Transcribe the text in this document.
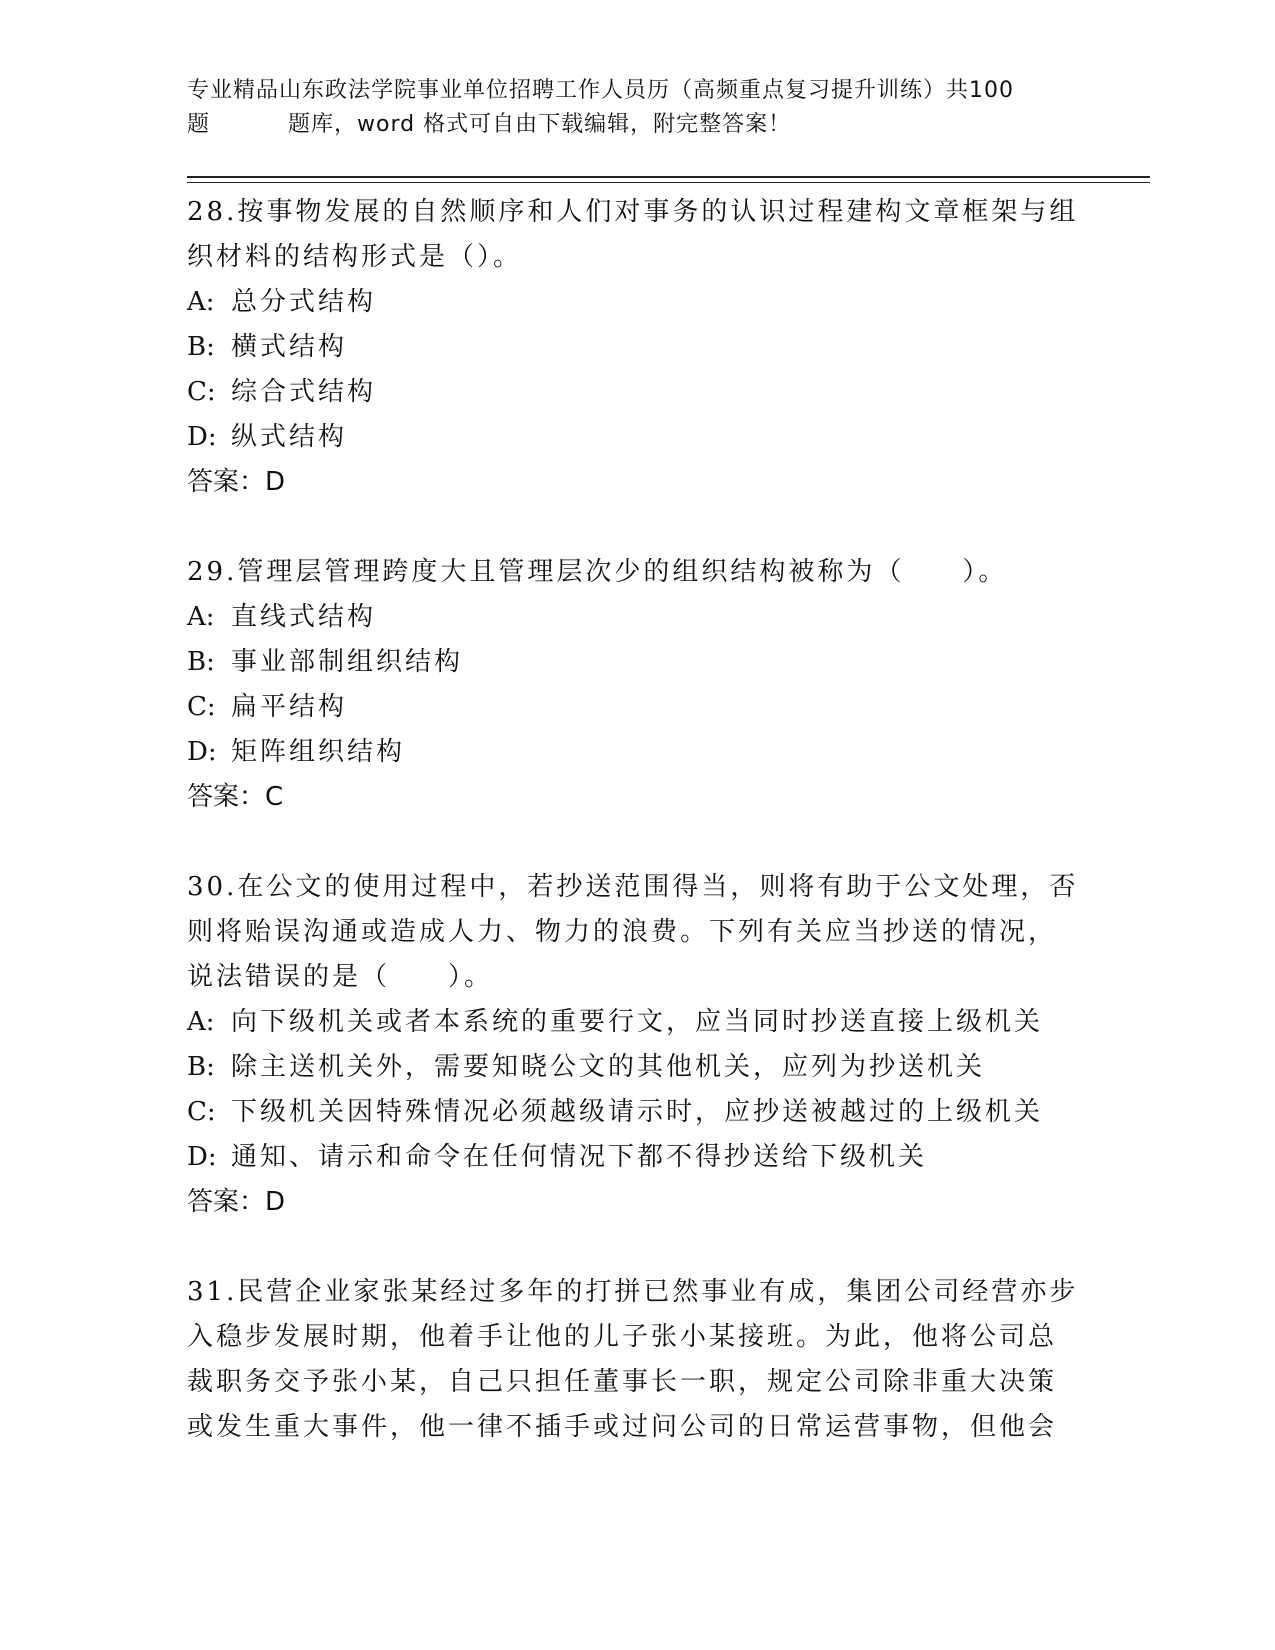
专业精品山东政法学院事业单位招聘工作人员历（高频重点复习提升训练）共100
题	题库，word 格式可自由下载编辑，附完整答案！

28.按事物发展的自然顺序和人们对事务的认识过程建构文章框架与组

织材料的结构形式是（）。

A: 总分式结构

B: 横式结构

C: 综合式结构

D: 纵式结构

答案：D

29.管理层管理跨度大且管理层次少的组织结构被称为（　　）。

A: 直线式结构

B: 事业部制组织结构

C: 扁平结构

D: 矩阵组织结构

答案：C

30.在公文的使用过程中，若抄送范围得当，则将有助于公文处理，否

则将贻误沟通或造成人力、物力的浪费。下列有关应当抄送的情况，

说法错误的是（　　）。

A: 向下级机关或者本系统的重要行文，应当同时抄送直接上级机关

B: 除主送机关外，需要知晓公文的其他机关，应列为抄送机关

C: 下级机关因特殊情况必须越级请示时，应抄送被越过的上级机关

D: 通知、请示和命令在任何情况下都不得抄送给下级机关

答案：D

31.民营企业家张某经过多年的打拼已然事业有成，集团公司经营亦步

入稳步发展时期，他着手让他的儿子张小某接班。为此，他将公司总

裁职务交予张小某，自己只担任董事长一职，规定公司除非重大决策

或发生重大事件，他一律不插手或过问公司的日常运营事物，但他会
